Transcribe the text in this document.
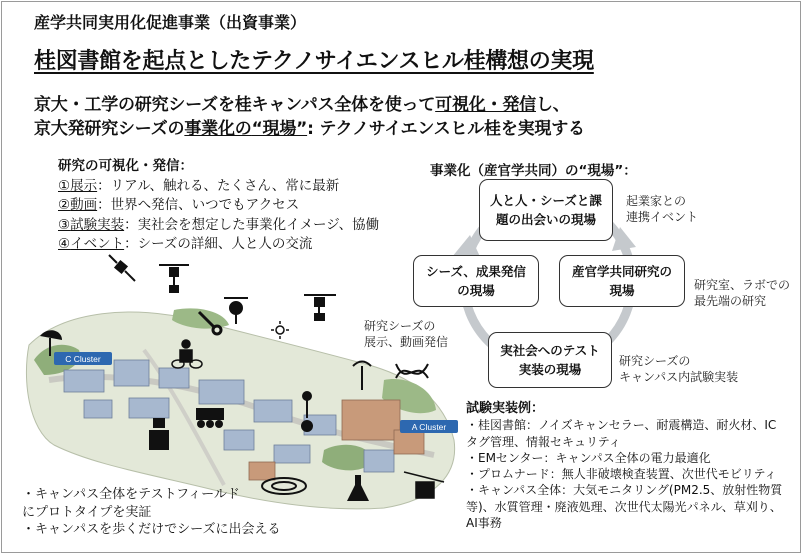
産学共同実用化促進事業（出資事業）
桂図書館を起点としたテクノサイエンスヒル桂構想の実現
京大・工学の研究シーズを桂キャンパス全体を使って可視化・発信し、
京大発研究シーズの事業化の“現場”: テクノサイエンスヒル桂を実現する
研究の可視化・発信：
①展示：リアル、触れる、たくさん、常に最新
②動画：世界へ発信、いつでもアクセス
③試験実装：実社会を想定した事業化イメージ、協働
④イベント：シーズの詳細、人と人の交流
C Cluster
A Cluster
・キャンパス全体をテストフィールド
にプロトタイプを実証
・キャンパスを歩くだけでシーズに出会える
事業化（産官学共同）の“現場”：
人と人・シーズと課
題の出会いの現場
シーズ、成果発信
の現場
産官学共同研究の
現場
実社会へのテスト
実装の現場
起業家との
連携イベント
研究室、ラボでの
最先端の研究
研究シーズの
展示、動画発信
研究シーズの
キャンパス内試験実装
試験実装例：
・桂図書館：ノイズキャンセラー、耐震構造、耐火材、IC
タグ管理、情報セキュリティ
・EMセンター：キャンパス全体の電力最適化
・プロムナード：無人非破壊検査装置、次世代モビリティ
・キャンパス全体：大気モニタリング(PM2.5、放射性物質
等)、水質管理・廃液処理、次世代太陽光パネル、草刈り、
AI事務
